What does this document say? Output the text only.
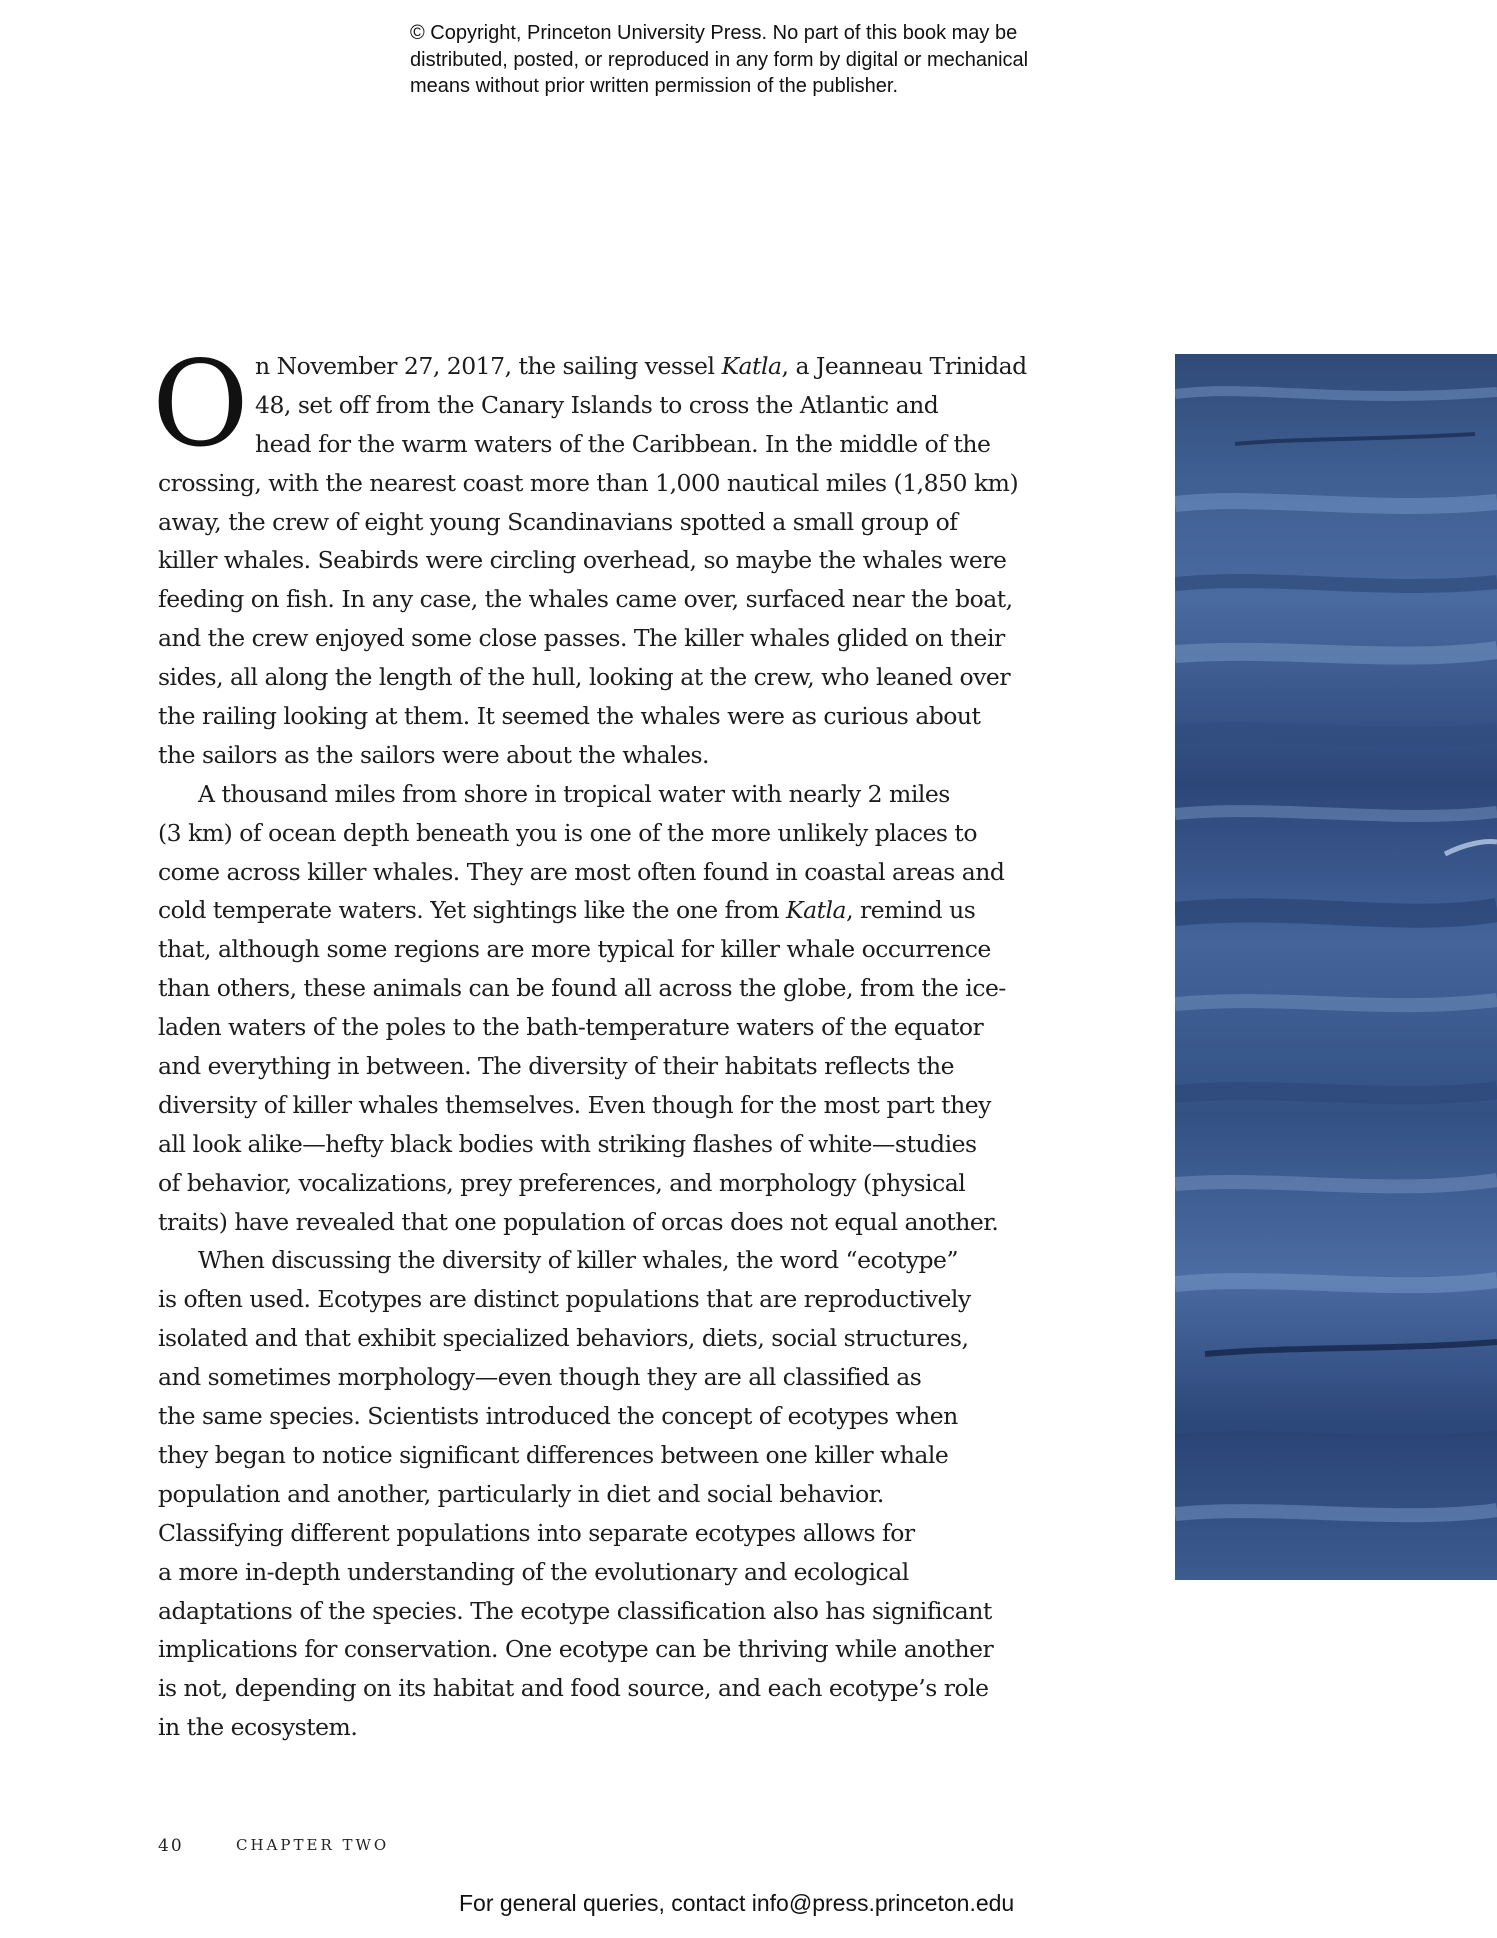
© Copyright, Princeton University Press. No part of this book may be
distributed, posted, or reproduced in any form by digital or mechanical
means without prior written permission of the publisher.
O n November 27, 2017, the sailing vessel Katla, a Jeanneau Trinidad
48, set off from the Canary Islands to cross the Atlantic and
head for the warm waters of the Caribbean. In the middle of the
crossing, with the nearest coast more than 1,000 nautical miles (1,850 km)
away, the crew of eight young Scandinavians spotted a small group of
killer whales. Seabirds were circling overhead, so maybe the whales were
feeding on fish. In any case, the whales came over, surfaced near the boat,
and the crew enjoyed some close passes. The killer whales glided on their
sides, all along the length of the hull, looking at the crew, who leaned over
the railing looking at them. It seemed the whales were as curious about
the sailors as the sailors were about the whales.
A thousand miles from shore in tropical water with nearly 2 miles
(3 km) of ocean depth beneath you is one of the more unlikely places to
come across killer whales. They are most often found in coastal areas and
cold temperate waters. Yet sightings like the one from Katla, remind us
that, although some regions are more typical for killer whale occurrence
than others, these animals can be found all across the globe, from the ice-
laden waters of the poles to the bath-temperature waters of the equator
and everything in between. The diversity of their habitats reflects the
diversity of killer whales themselves. Even though for the most part they
all look alike—hefty black bodies with striking flashes of white—studies
of behavior, vocalizations, prey preferences, and morphology (physical
traits) have revealed that one population of orcas does not equal another.
When discussing the diversity of killer whales, the word “ecotype”
is often used. Ecotypes are distinct populations that are reproductively
isolated and that exhibit specialized behaviors, diets, social structures,
and sometimes morphology—even though they are all classified as
the same species. Scientists introduced the concept of ecotypes when
they began to notice significant differences between one killer whale
population and another, particularly in diet and social behavior.
Classifying different populations into separate ecotypes allows for
a more in-depth understanding of the evolutionary and ecological
adaptations of the species. The ecotype classification also has significant
implications for conservation. One ecotype can be thriving while another
is not, depending on its habitat and food source, and each ecotype’s role
in the ecosystem.
40	CHAPTER TWO
For general queries, contact info@press.princeton.edu
